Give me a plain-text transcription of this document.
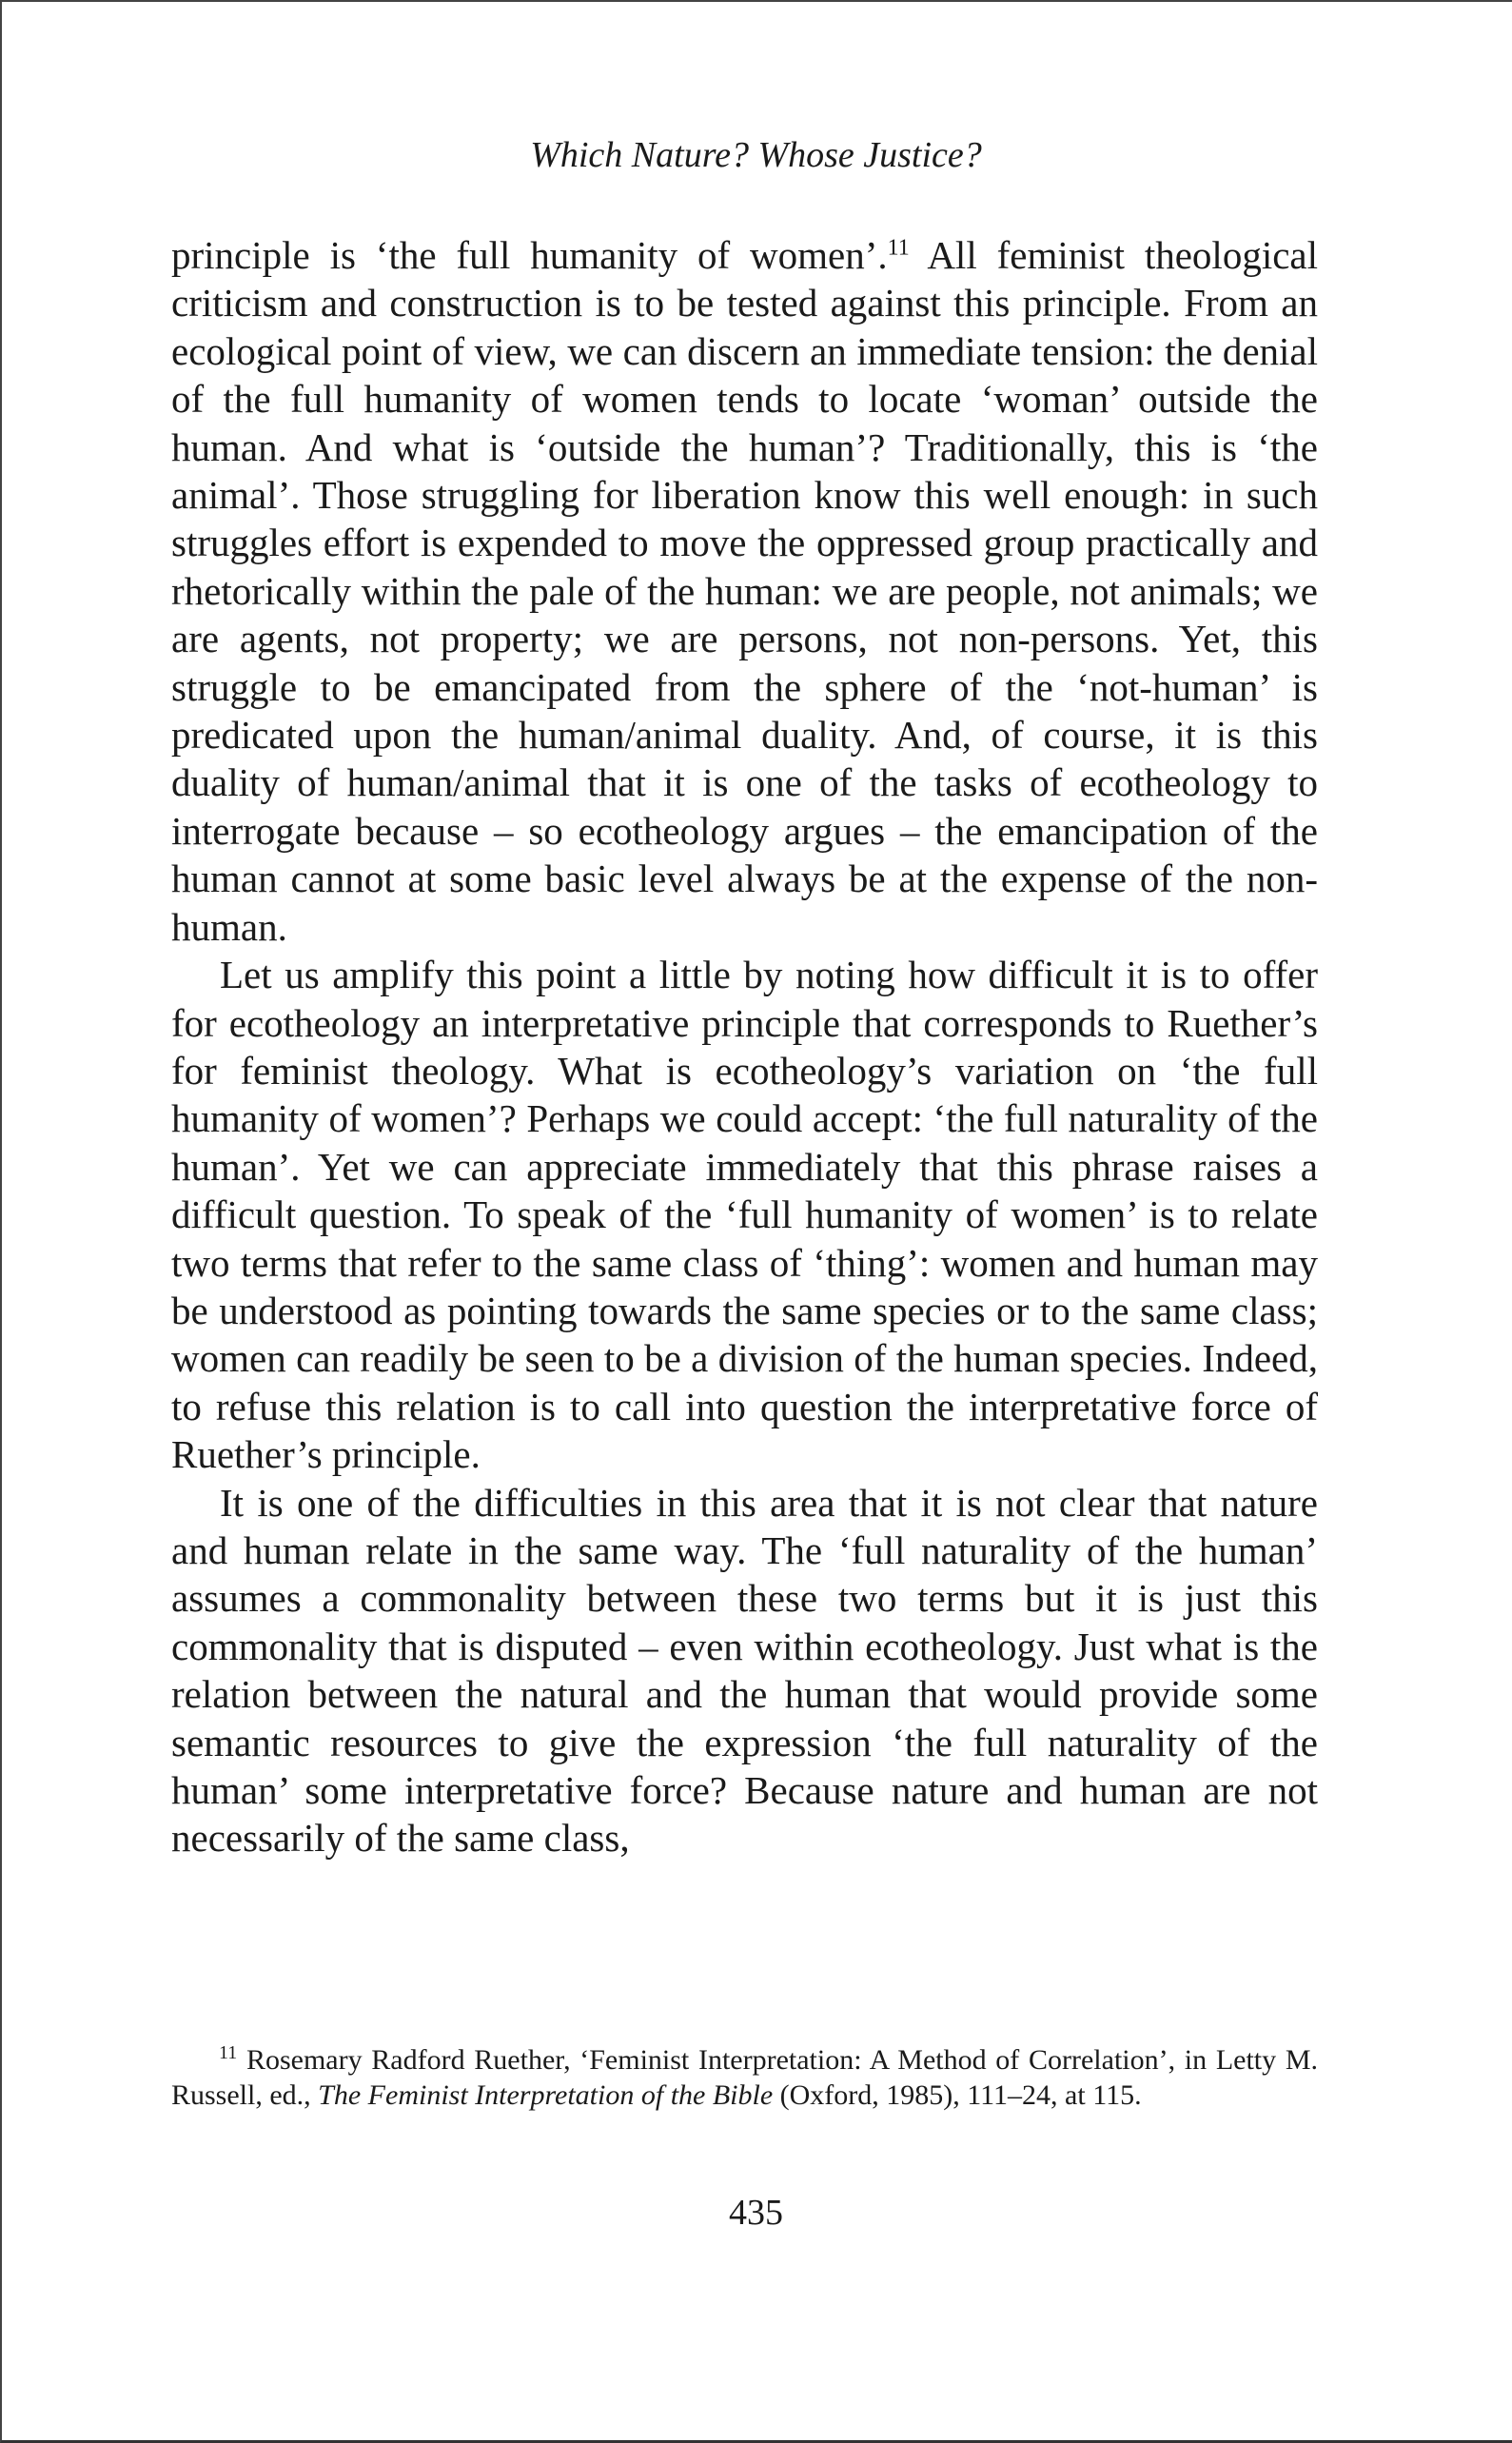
Which Nature? Whose Justice?

principle is ‘the full humanity of women’.$^{11}$ All feminist theological criticism and construction is to be tested against this principle. From an ecological point of view, we can discern an immediate tension: the denial of the full humanity of women tends to locate ‘woman’ outside the human. And what is ‘outside the human’? Traditionally, this is ‘the animal’. Those struggling for liberation know this well enough: in such struggles effort is expended to move the oppressed group practically and rhetorically within the pale of the human: we are people, not animals; we are agents, not property; we are persons, not non-persons. Yet, this struggle to be emancipated from the sphere of the ‘not-human’ is predicated upon the human/animal duality. And, of course, it is this duality of human/animal that it is one of the tasks of ecotheology to interrogate because – so ecotheology argues – the emancipation of the human cannot at some basic level always be at the expense of the non-human.

Let us amplify this point a little by noting how difficult it is to offer for ecotheology an interpretative principle that corresponds to Ruether’s for feminist theology. What is ecotheology’s variation on ‘the full humanity of women’? Perhaps we could accept: ‘the full naturality of the human’. Yet we can appreciate immediately that this phrase raises a difficult question. To speak of the ‘full humanity of women’ is to relate two terms that refer to the same class of ‘thing’: women and human may be understood as pointing towards the same species or to the same class; women can readily be seen to be a division of the human species. Indeed, to refuse this relation is to call into question the interpretative force of Ruether’s principle.

It is one of the difficulties in this area that it is not clear that nature and human relate in the same way. The ‘full naturality of the human’ assumes a commonality between these two terms but it is just this commonality that is disputed – even within ecotheology. Just what is the relation between the natural and the human that would provide some semantic resources to give the expression ‘the full naturality of the human’ some interpretative force? Because nature and human are not necessarily of the same class,

$^{11}$ Rosemary Radford Ruether, ‘Feminist Interpretation: A Method of Correlation’, in Letty M. Russell, ed., The Feminist Interpretation of the Bible (Oxford, 1985), 111–24, at 115.
435
